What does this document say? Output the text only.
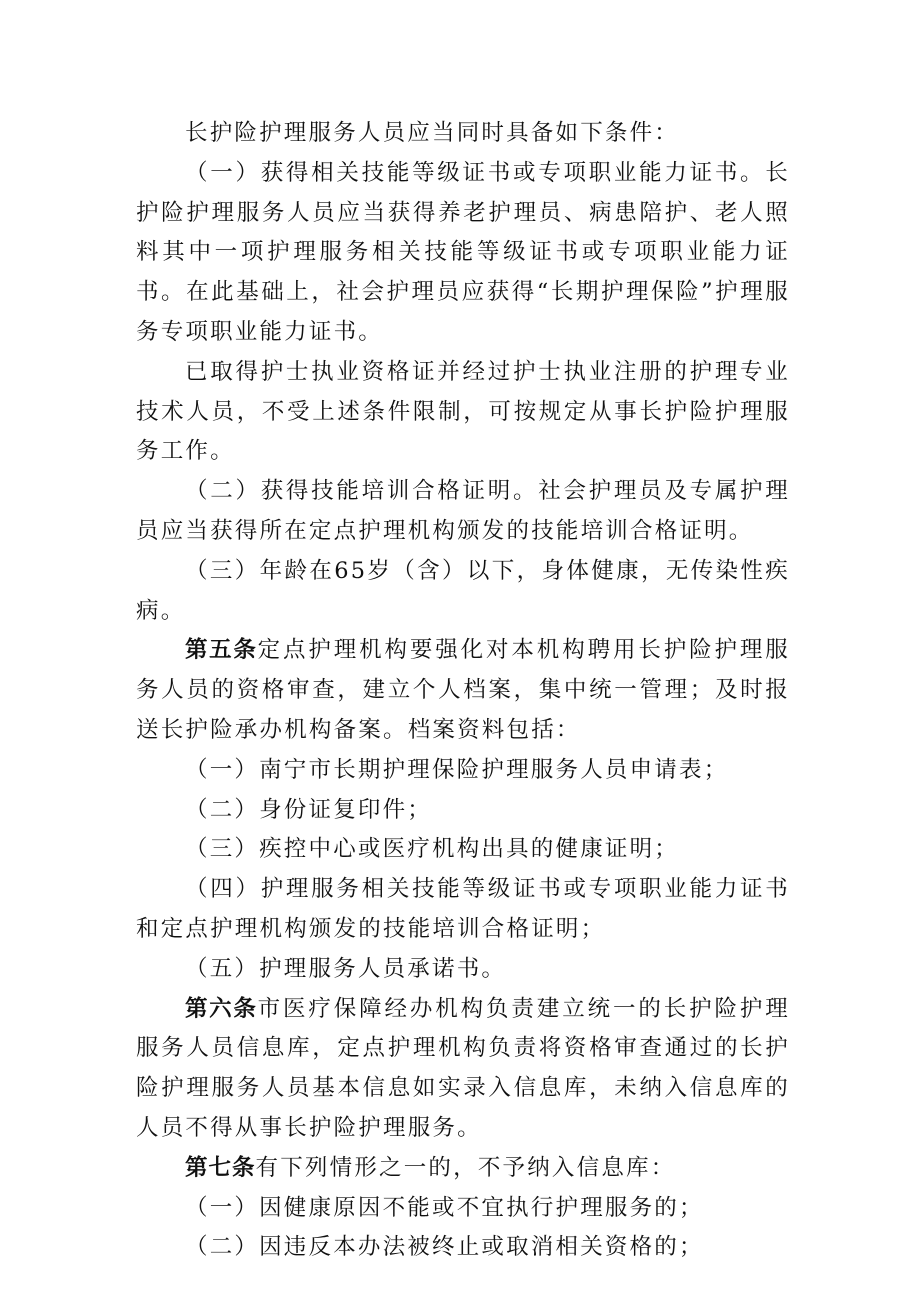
长护险护理服务人员应当同时具备如下条件：

（一）获得相关技能等级证书或专项职业能力证书。长护险护理服务人员应当获得养老护理员、病患陪护、老人照料其中一项护理服务相关技能等级证书或专项职业能力证书。在此基础上，社会护理员应获得“长期护理保险”护理服务专项职业能力证书。

已取得护士执业资格证并经过护士执业注册的护理专业技术人员，不受上述条件限制，可按规定从事长护险护理服务工作。

（二）获得技能培训合格证明。社会护理员及专属护理员应当获得所在定点护理机构颁发的技能培训合格证明。

（三）年龄在65岁（含）以下，身体健康，无传染性疾病。

第五条定点护理机构要强化对本机构聘用长护险护理服务人员的资格审查，建立个人档案，集中统一管理；及时报送长护险承办机构备案。档案资料包括：

（一）南宁市长期护理保险护理服务人员申请表；

（二）身份证复印件；

（三）疾控中心或医疗机构出具的健康证明；

（四）护理服务相关技能等级证书或专项职业能力证书和定点护理机构颁发的技能培训合格证明；

（五）护理服务人员承诺书。

第六条市医疗保障经办机构负责建立统一的长护险护理服务人员信息库，定点护理机构负责将资格审查通过的长护险护理服务人员基本信息如实录入信息库，未纳入信息库的人员不得从事长护险护理服务。

第七条有下列情形之一的，不予纳入信息库：

（一）因健康原因不能或不宜执行护理服务的；

（二）因违反本办法被终止或取消相关资格的；
